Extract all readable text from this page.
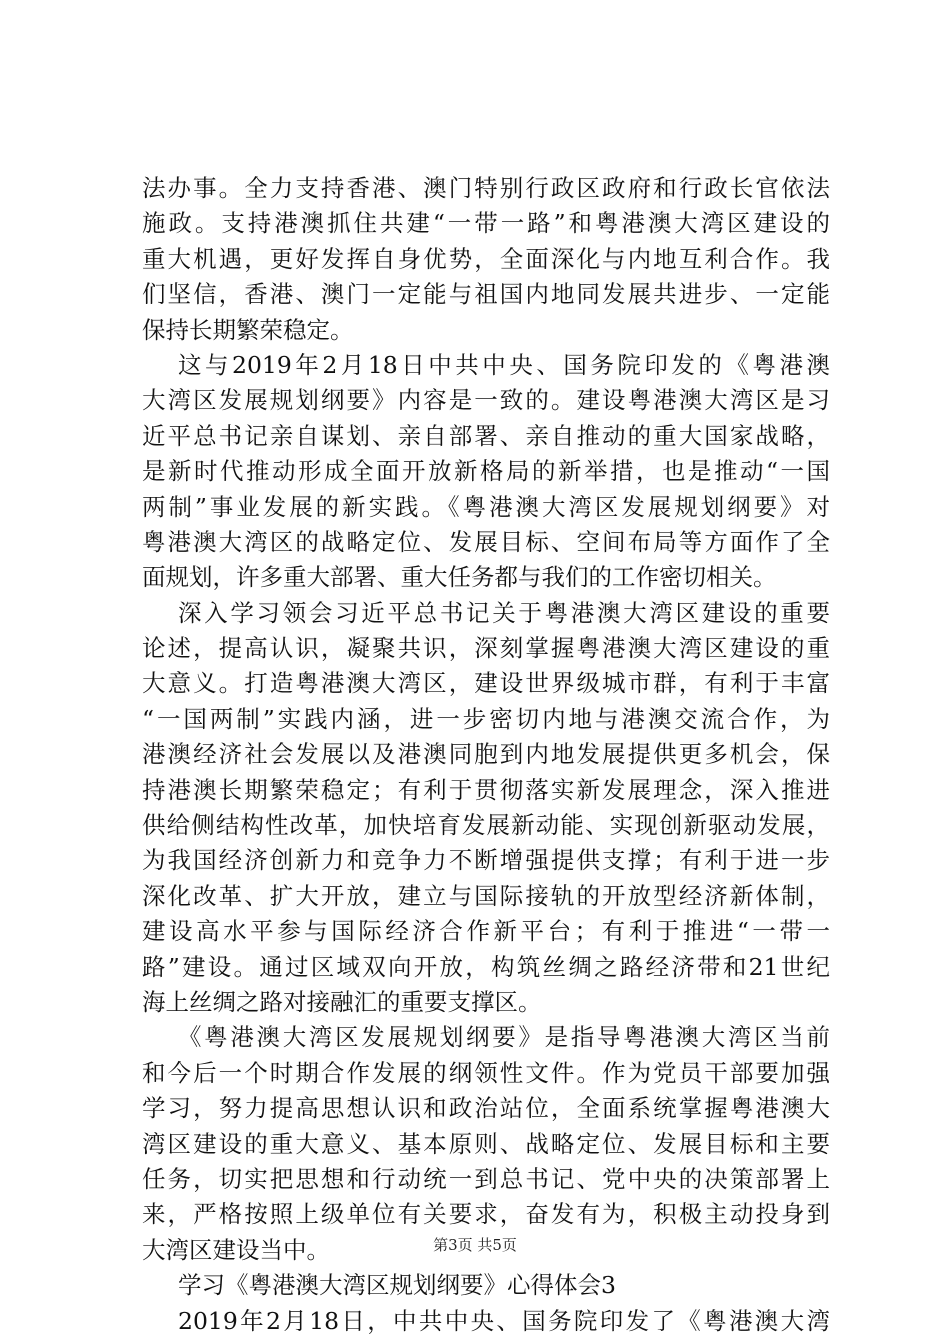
法办事。全力支持香港、澳门特别行政区政府和行政长官依法
施政。支持港澳抓住共建“一带一路”和粤港澳大湾区建设的
重大机遇，更好发挥自身优势，全面深化与内地互利合作。我
们坚信，香港、澳门一定能与祖国内地同发展共进步、一定能
保持长期繁荣稳定。
这与2019年2月18日中共中央、国务院印发的《粤港澳
大湾区发展规划纲要》内容是一致的。建设粤港澳大湾区是习
近平总书记亲自谋划、亲自部署、亲自推动的重大国家战略，
是新时代推动形成全面开放新格局的新举措，也是推动“一国
两制”事业发展的新实践。《粤港澳大湾区发展规划纲要》对
粤港澳大湾区的战略定位、发展目标、空间布局等方面作了全
面规划，许多重大部署、重大任务都与我们的工作密切相关。
深入学习领会习近平总书记关于粤港澳大湾区建设的重要
论述，提高认识，凝聚共识，深刻掌握粤港澳大湾区建设的重
大意义。打造粤港澳大湾区，建设世界级城市群，有利于丰富
“一国两制”实践内涵，进一步密切内地与港澳交流合作，为
港澳经济社会发展以及港澳同胞到内地发展提供更多机会，保
持港澳长期繁荣稳定；有利于贯彻落实新发展理念，深入推进
供给侧结构性改革，加快培育发展新动能、实现创新驱动发展，
为我国经济创新力和竞争力不断增强提供支撑；有利于进一步
深化改革、扩大开放，建立与国际接轨的开放型经济新体制，
建设高水平参与国际经济合作新平台；有利于推进“一带一
路”建设。通过区域双向开放，构筑丝绸之路经济带和21世纪
海上丝绸之路对接融汇的重要支撑区。
《粤港澳大湾区发展规划纲要》是指导粤港澳大湾区当前
和今后一个时期合作发展的纲领性文件。作为党员干部要加强
学习，努力提高思想认识和政治站位，全面系统掌握粤港澳大
湾区建设的重大意义、基本原则、战略定位、发展目标和主要
任务，切实把思想和行动统一到总书记、党中央的决策部署上
来，严格按照上级单位有关要求，奋发有为，积极主动投身到
大湾区建设当中。
学习《粤港澳大湾区规划纲要》心得体会3
2019年2月18日，中共中央、国务院印发了《粤港澳大湾
第3页 共5页
